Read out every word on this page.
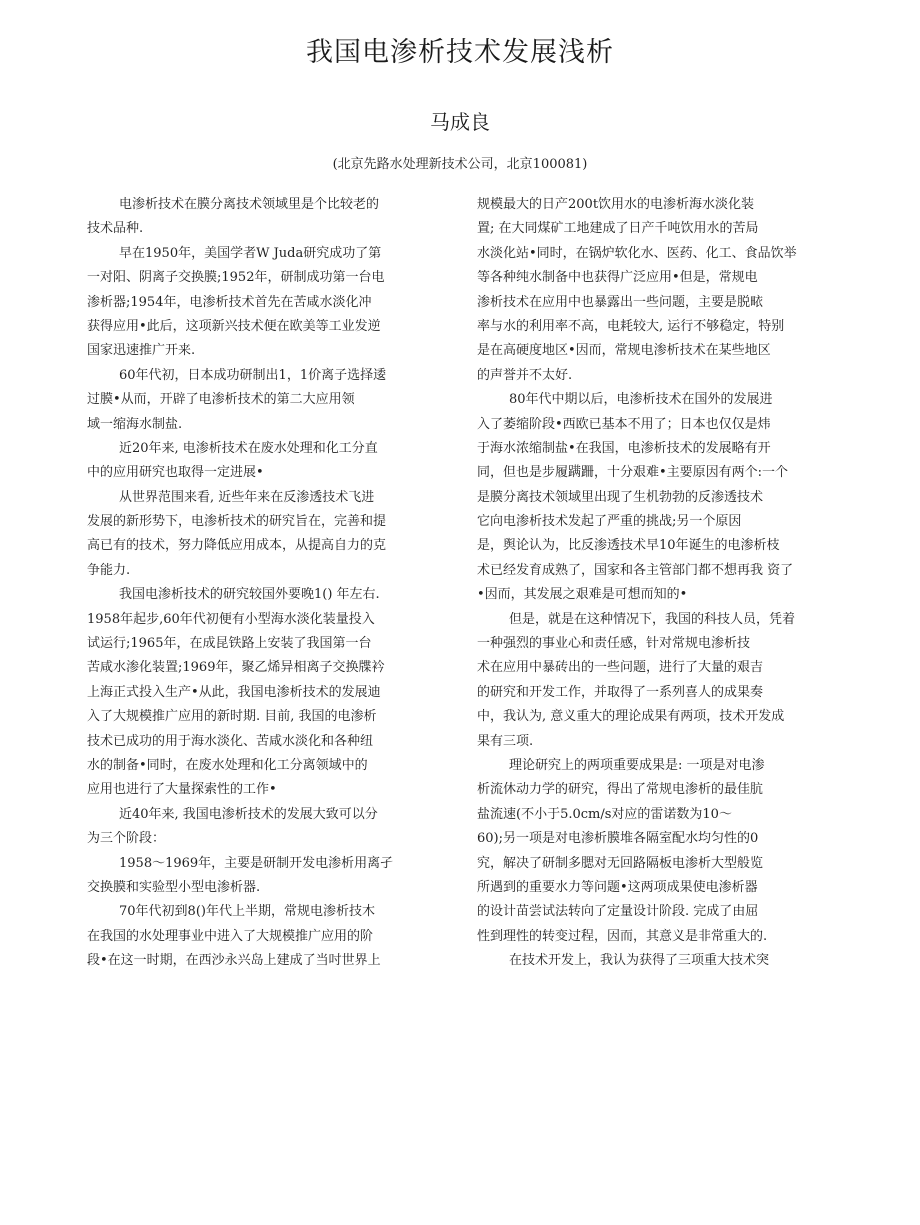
我国电渗析技术发展浅析
马成良
(北京先路水处理新技术公司，北京100081)
电渗析技术在膜分离技术领域里是个比较老的
技术品种.
早在1950年，美国学者W Juda研究成功了第
一对阳、阴离子交换膜;1952年，研制成功第一台电
渗析器;1954年，电渗析技术首先在苦咸水淡化冲
获得应用•此后，这项新兴技术便在欧美等工业发逆
国家迅速推广开来.
60年代初，日本成功研制出1，1价离子选择逶
过膜•从而，开辟了电渗析技术的第二大应用领
域一缩海水制盐.
近20年来, 电渗析技术在废水处理和化工分直
中的应用研究也取得一定进展•
从世界范围来看, 近些年来在反渗透技术飞进
发展的新形势下，电渗析技术的研究旨在，完善和提
高已有的技术，努力降低应用成本，从提高自力的克
争能力.
我国电渗析技术的研究较国外要晚1() 年左右.
1958年起步,60年代初便有小型海水淡化装量投入
试运行;1965年，在成昆铁路上安装了我国第一台
苦咸水渗化装置;1969年，聚乙烯异相离子交换牒衿
上海正式投入生产•从此，我国电渗析技术的发展迪
入了大规模推广应用的新时期. 目前, 我国的电渗析
技术已成功的用于海水淡化、苦咸水淡化和各种纽
水的制备•同时，在废水处理和化工分离领域中的
应用也进行了大量探索性的工作•
近40年来, 我国电渗析技术的发展大致可以分
为三个阶段：
1958～1969年，主要是研制开发电渗析用离孑
交换膜和实验型小型电渗析器.
70年代初到8()年代上半期，常规电渗析技木
在我国的水处理事业中进入了大规模推广应用的阶
段•在这一时期，在西沙永兴岛上建成了当吋世界上
规模最大的日产200t饮用水的电渗析海水淡化装
置; 在大同煤矿工地建成了日产千吨饮用水的苦局
水淡化站•同时，在锅炉软化水、医药、化工、食品饮举
等各种纯水制备中也获得广泛应用•但是，常规电
渗析技术在应用中也暴露出一些问题，主要是脱畩
率与水的利用率不高，电耗较大, 运行不够稳定，特别
是在高硬度地区•因而，常规电渗析技术在某些地区
的声誉并不太好.
80年代中期以后，电渗析技术在国外的发展进
入了萎缩阶段•西欧已基本不用了；日本也仅仅是炜
于海水浓缩制盐•在我国，电渗析技术的发展略有开
同，但也是步履蹒跚，十分艰难•主要原因有两个:一个
是膜分离技术领域里出现了生机勃勃的反渗透技术
它向电渗析技术发起了严重的挑战;另一个原因
是，舆论认为，比反渗透技术早10年诞生的电渗析枝
术已经发育成熟了，国家和各主管部门都不想再我 资了
•因而，其发展之艰难是可想而知的•
但是，就是在这种情况下，我国的科技人员，凭着
一种强烈的事业心和责任感，针对常规电渗析技
术在应用中暴砖出的一些问题，进行了大量的艰吉
的研究和开发工作，并取得了一系列喜人的成果奏
中，我认为, 意义重大的理论成果有两项，技术开发成
果有三项.
理论研究上的两项重要成果是: 一项是对电渗
析流休动力学的研究，得出了常规电渗析的最佳肮
盐流速(不小于5.0cm/s对应的雷诺数为10～
60);另一项是对电渗析膜堆各隔室配水均匀性的0
究，解决了研制多腮对无回路隔板电渗析大型般览
所遇到的重要水力等问题•这两项成果使电渗析器
的设计苗尝试法转向了定量设计阶段. 完成了由屈
性到理性的转变过程，因而，其意义是非常重大的.
在技术开发上，我认为获得了三项重大技术突
